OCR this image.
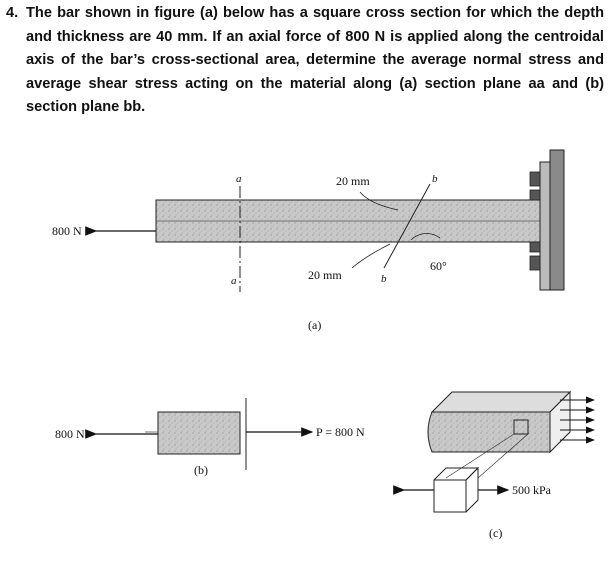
4. The bar shown in figure (a) below has a square cross section for which the depth and thickness are 40 mm. If an axial force of 800 N is applied along the centroidal axis of the bar’s cross-sectional area, determine the average normal stress and average shear stress acting on the material along (a) section plane aa and (b) section plane bb.
800 N
a
a
b
b
20 mm
20 mm
60°
(a)
800 N	P = 800 N
(b)
500 kPa
(c)
